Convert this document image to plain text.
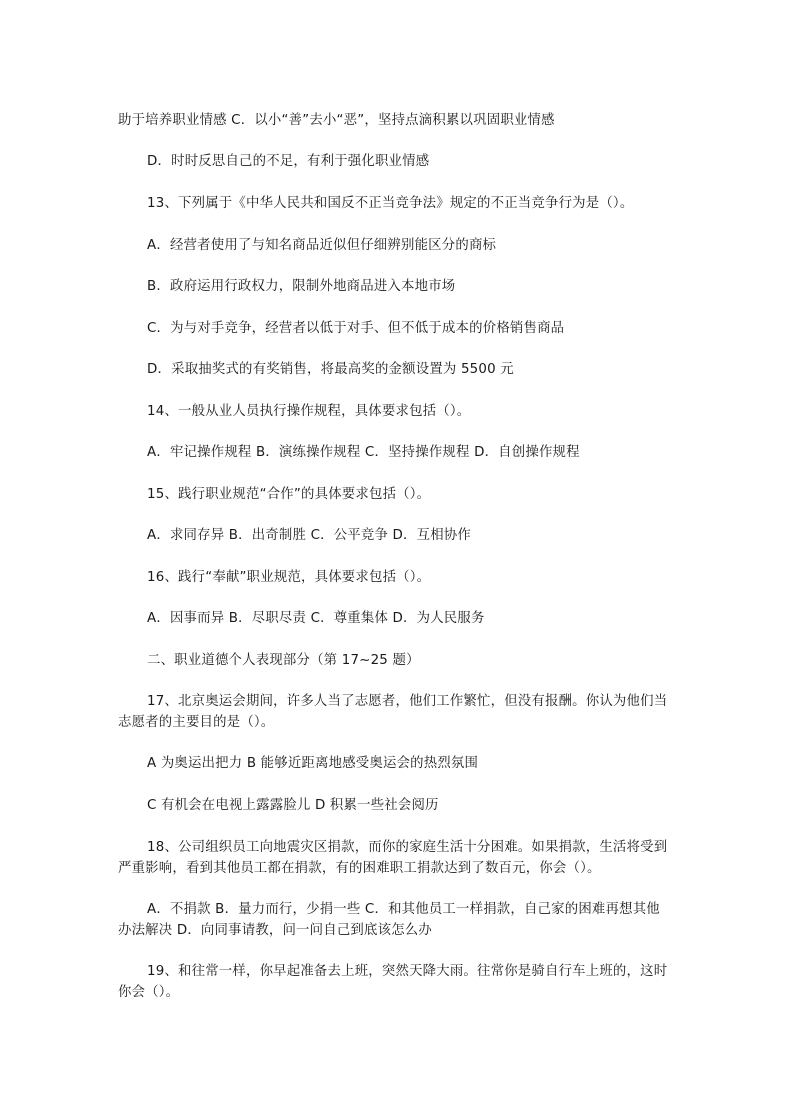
助于培养职业情感 C．以小“善”去小“恶”，坚持点滴积累以巩固职业情感

D．时时反思自己的不足，有利于强化职业情感

13、下列属于《中华人民共和国反不正当竞争法》规定的不正当竞争行为是（）。

A．经营者使用了与知名商品近似但仔细辨别能区分的商标

B．政府运用行政权力，限制外地商品进入本地市场

C．为与对手竞争，经营者以低于对手、但不低于成本的价格销售商品

D．采取抽奖式的有奖销售，将最高奖的金额设置为 5500 元

14、一般从业人员执行操作规程，具体要求包括（）。

A．牢记操作规程 B．演练操作规程 C．坚持操作规程 D．自创操作规程

15、践行职业规范“合作”的具体要求包括（）。

A．求同存异 B．出奇制胜 C．公平竞争 D．互相协作

16、践行“奉献”职业规范，具体要求包括（）。

A．因事而异 B．尽职尽责 C．尊重集体 D．为人民服务

二、职业道德个人表现部分（第 17~25 题）

17、北京奥运会期间，许多人当了志愿者，他们工作繁忙，但没有报酬。你认为他们当志愿者的主要目的是（）。

A 为奥运出把力 B 能够近距离地感受奥运会的热烈氛围

C 有机会在电视上露露脸儿 D 积累一些社会阅历

18、公司组织员工向地震灾区捐款，而你的家庭生活十分困难。如果捐款，生活将受到严重影响，看到其他员工都在捐款，有的困难职工捐款达到了数百元，你会（）。

A．不捐款 B．量力而行，少捐一些 C．和其他员工一样捐款，自己家的困难再想其他办法解决 D．向同事请教，问一问自己到底该怎么办

19、和往常一样，你早起准备去上班，突然天降大雨。往常你是骑自行车上班的，这时你会（）。
